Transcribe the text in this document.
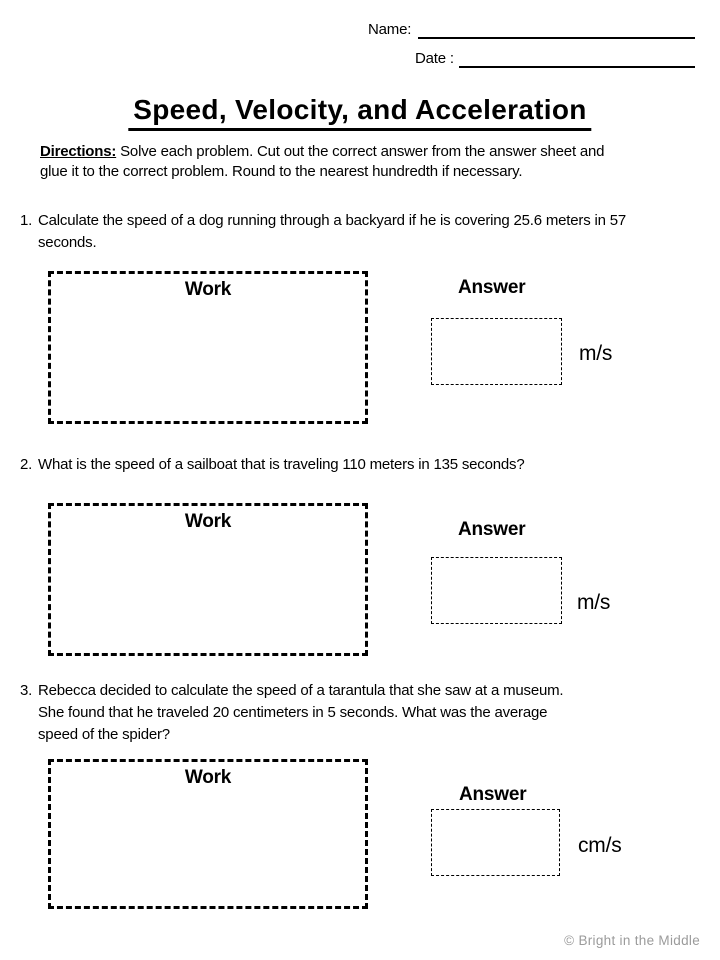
Name:
Date :
Speed, Velocity, and Acceleration
Directions: Solve each problem. Cut out the correct answer from the answer sheet and
glue it to the correct problem. Round to the nearest hundredth if necessary.
1. Calculate the speed of a dog running through a backyard if he is covering 25.6 meters in 57
seconds.
Work	Answer
m/s
2. What is the speed of a sailboat that is traveling 110 meters in 135 seconds?
Work	Answer
m/s
3. Rebecca decided to calculate the speed of a tarantula that she saw at a museum.
She found that he traveled 20 centimeters in 5 seconds. What was the average
speed of the spider?
Work
Answer
cm/s
© Bright in the Middle
